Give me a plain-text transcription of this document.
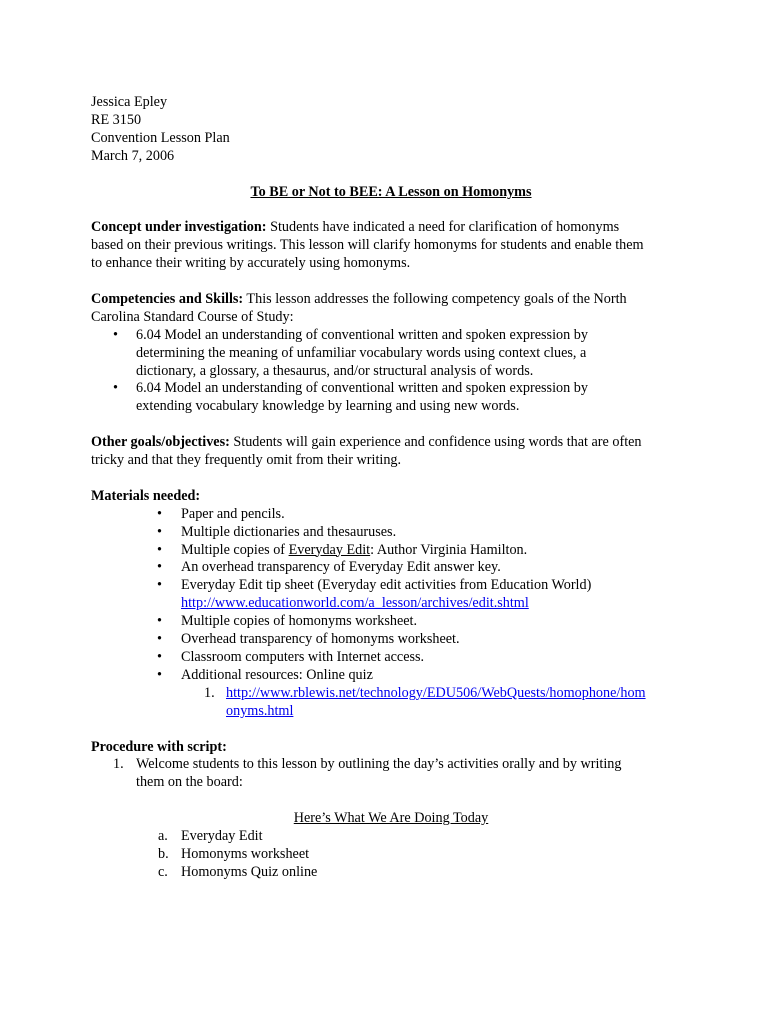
Jessica Epley
RE 3150
Convention Lesson Plan
March 7, 2006
To BE or Not to BEE: A Lesson on Homonyms
Concept under investigation: Students have indicated a need for clarification of homonyms
based on their previous writings. This lesson will clarify homonyms for students and enable them
to enhance their writing by accurately using homonyms.
Competencies and Skills: This lesson addresses the following competency goals of the North
Carolina Standard Course of Study:
•	6.04 Model an understanding of conventional written and spoken expression by
determining the meaning of unfamiliar vocabulary words using context clues, a
dictionary, a glossary, a thesaurus, and/or structural analysis of words.
•	6.04 Model an understanding of conventional written and spoken expression by
extending vocabulary knowledge by learning and using new words.
Other goals/objectives: Students will gain experience and confidence using words that are often
tricky and that they frequently omit from their writing.
Materials needed:
•	Paper and pencils.
•	Multiple dictionaries and thesauruses.
•	Multiple copies of Everyday Edit: Author Virginia Hamilton.
•	An overhead transparency of Everyday Edit answer key.
•	Everyday Edit tip sheet (Everyday edit activities from Education World)
http://www.educationworld.com/a_lesson/archives/edit.shtml
•	Multiple copies of homonyms worksheet.
•	Overhead transparency of homonyms worksheet.
•	Classroom computers with Internet access.
•	Additional resources: Online quiz
1. http://www.rblewis.net/technology/EDU506/WebQuests/homophone/hom
onyms.html
Procedure with script:
1. Welcome students to this lesson by outlining the day’s activities orally and by writing
them on the board:
Here’s What We Are Doing Today
a. Everyday Edit
b. Homonyms worksheet
c. Homonyms Quiz online
